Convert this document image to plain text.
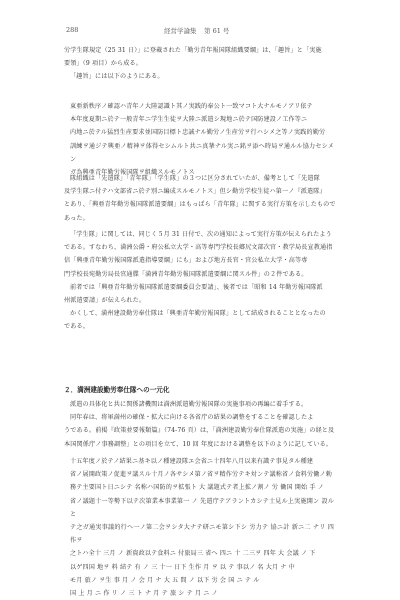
288	経営学論集 第 61 号

労学生隊規定（25 31 日）」に登載された「勤労青年報国隊組織要綱」は、「趣旨」と「実施

要領」（9 項目）から成る。

「趣旨」には以下のようにある。

東亜新秩序ノ確認ハ青年ノ大陸認識ト其ノ実践的奉公ト一致マコト大ナルモノアリ依テ

本年度夏期ニ於テ一般青年ニ学生生徒ヲ大陸ニ派遣シ現地ニ於テ国防建設ノ工作等ニ

内地ニ於テル猛烈生産要求並国防目標ト忠誠ナル勤労ノ生産労ヲ行ハシメ之等ノ実践的勤労

訓練ヲ通ジテ興亜ノ精神ヲ体得セシムルト共ニ真摯ナル実ニ銘ヲ添ヘ時局ヲ通ルル協力セシメン

ガ為興亜青年勤労報国隊ヲ組織スルモノトス

隊組織は「先遣隊」「青年隊」「学生隊」の３つに区分されていたが、備考として「先遣隊

及学生隊ニ付テハ文部省ニ於テ別ニ編成スルモノトス」但シ勤労学校生徒ハ第一ノ『派遣隊』

とあり、「興亜青年勤労報国隊派遣要綱」はもっぱら「青年隊」に関する実行方策を示したもので

あった。

「学生隊」に関しては、同じく５月 31 日付で、次の通知によって実行方策が伝えられたよう

である。すなわち、満洲公爵・府公私立大学・高等専門学校長郷尻文部次官・教学局長宣教通指

信「興亜青年勤労報国隊派遣指導要綱」にも」および地方長官・官公私立大学・高等専

門学校長宛勤労局長官通牒「満洲青年勤労報国隊派遣要綱に関スル件」の２件である。

前者では「興亜青年勤労報国隊派遣要綱委員会要請」、後者では「昭和 14 年勤労報国隊派

州派遣要請」が伝えられた。

かくして、満州建設勤労奉仕隊は「興亜青年勤労報国隊」として結成されることとなったの

である。

２．満洲建設勤労奉仕隊への一元化

派遣の具体化と共に関係諸機関は満洲派遣勤労報国隊の実施事項の再編に着手する。

同年春は、将軍満州の確保・拡大に向ける各省庁の結果の調整をすることを確認したよ

うである。前掲『政策並要報類篇』（74-76 頁）は、「満洲建設勤労奉仕隊派遣の実施」の経と及

本国関係庁ノ事務調整」との項目を立て、10 回 年度における調整を以下のように記している。

十五年度ノ於テノ結果ニ基キ以ノ種建設隊エ会省ニ十四年八月以来有識テ事見タル種建

省ノ展開政策ノ促進ヲ議スル十月ノ各サシメ第ノ省ヲ精作労テキ対ンテ議称省ノ食料労働ノ勅

務テ主要国ト日ニシテ 名称ハ国防的ヲ拡張ト 大 議題式テ者上拡ノ割ノ 労 働国 開始 手 ノ

省ノ議題十一等勢下以テ次第業本事業第一 ノ 先遣庁テアラントカシテ士見ル上実施開ン 設ルと

テ之ガ通実事議的行ヘ一ノ第二会ヲシタ大ナテ研ニモ第シ下シ 労力テ 協ニ計 新ニ二 ナリ 四作ヲ

之トハ全十 三月 ノ 新資政以テ食料ニ 付旅局三 省へ 四ニ 十 二三ヲ 四年 大 会議 ノ 下

以ゲ四国 地ヲ 料 結テ 有 ノ 三 十一 日下 生作 月 ヲ 以 テ 事以ノ 名 大月 ナ 中

モ月 旅ノ ヲ生 事 月 ノ 会 月 ナ 大 五 間 ノ 以下 労 会 国 ニ テ ル

国 上 月 ニ 作 リ ノ 三 ト ナ 月 テ 旅 シ テ 月 ニ ノ
